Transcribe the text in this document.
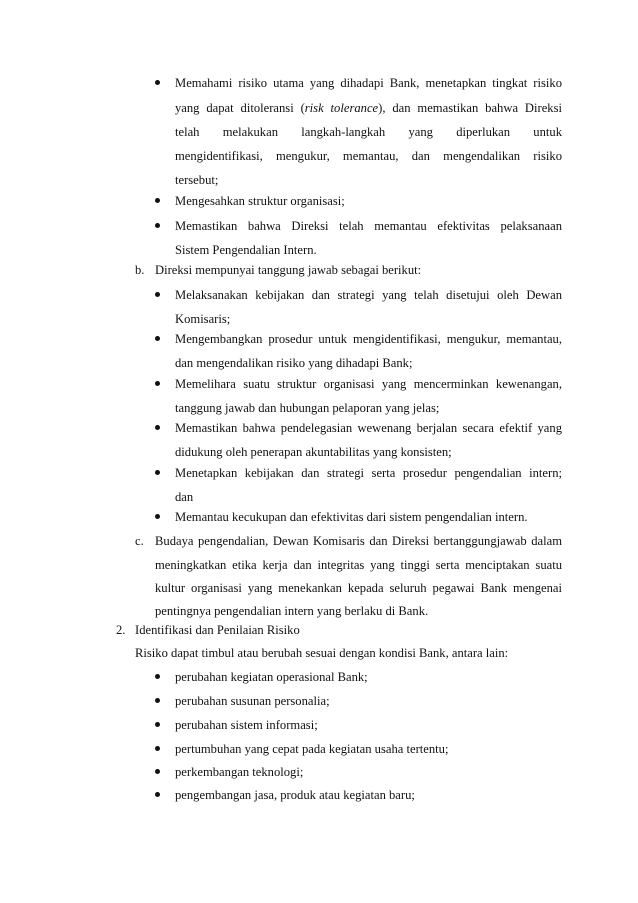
Memahami risiko utama yang dihadapi Bank, menetapkan tingkat risiko
yang dapat ditoleransi (risk tolerance), dan memastikan bahwa Direksi
telah melakukan langkah-langkah yang diperlukan untuk
mengidentifikasi, mengukur, memantau, dan mengendalikan risiko
tersebut;
Mengesahkan struktur organisasi;
Memastikan bahwa Direksi telah memantau efektivitas pelaksanaan
Sistem Pengendalian Intern.
b. Direksi mempunyai tanggung jawab sebagai berikut:
Melaksanakan kebijakan dan strategi yang telah disetujui oleh Dewan
Komisaris;
Mengembangkan prosedur untuk mengidentifikasi, mengukur, memantau,
dan mengendalikan risiko yang dihadapi Bank;
Memelihara suatu struktur organisasi yang mencerminkan kewenangan,
tanggung jawab dan hubungan pelaporan yang jelas;
Memastikan bahwa pendelegasian wewenang berjalan secara efektif yang
didukung oleh penerapan akuntabilitas yang konsisten;
Menetapkan kebijakan dan strategi serta prosedur pengendalian intern;
dan
Memantau kecukupan dan efektivitas dari sistem pengendalian intern.
c. Budaya pengendalian, Dewan Komisaris dan Direksi bertanggungjawab dalam
meningkatkan etika kerja dan integritas yang tinggi serta menciptakan suatu
kultur organisasi yang menekankan kepada seluruh pegawai Bank mengenai
pentingnya pengendalian intern yang berlaku di Bank.
2. Identifikasi dan Penilaian Risiko
Risiko dapat timbul atau berubah sesuai dengan kondisi Bank, antara lain:
perubahan kegiatan operasional Bank;
perubahan susunan personalia;
perubahan sistem informasi;
pertumbuhan yang cepat pada kegiatan usaha tertentu;
perkembangan teknologi;
pengembangan jasa, produk atau kegiatan baru;
